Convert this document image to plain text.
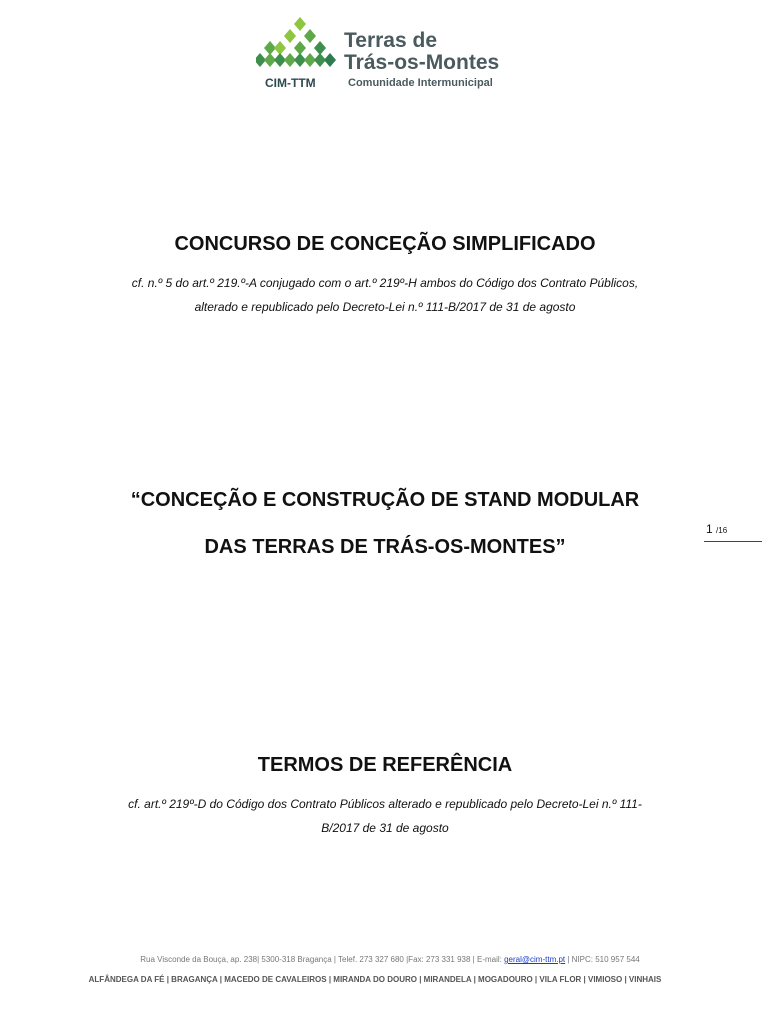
Terras de
Trás-os-Montes
Comunidade Intermunicipal
CIM-TTM
CONCURSO DE CONCEÇÃO SIMPLIFICADO
cf. n.º 5 do art.º 219.º-A conjugado com o art.º 219º-H ambos do Código dos Contrato Públicos,
alterado e republicado pelo Decreto-Lei n.º 111-B/2017 de 31 de agosto
“CONCEÇÃO E CONSTRUÇÃO DE STAND MODULAR
DAS TERRAS DE TRÁS-OS-MONTES”
1 /16
TERMOS DE REFERÊNCIA
cf. art.º 219º-D do Código dos Contrato Públicos alterado e republicado pelo Decreto-Lei n.º 111-
B/2017 de 31 de agosto
Rua Visconde da Bouça, ap. 238| 5300-318 Bragança | Telef. 273 327 680 |Fax: 273 331 938 | E-mail: geral@cim-ttm.pt | NIPC: 510 957 544
ALFÂNDEGA DA FÉ | BRAGANÇA | MACEDO DE CAVALEIROS | MIRANDA DO DOURO | MIRANDELA | MOGADOURO | VILA FLOR | VIMIOSO | VINHAIS
